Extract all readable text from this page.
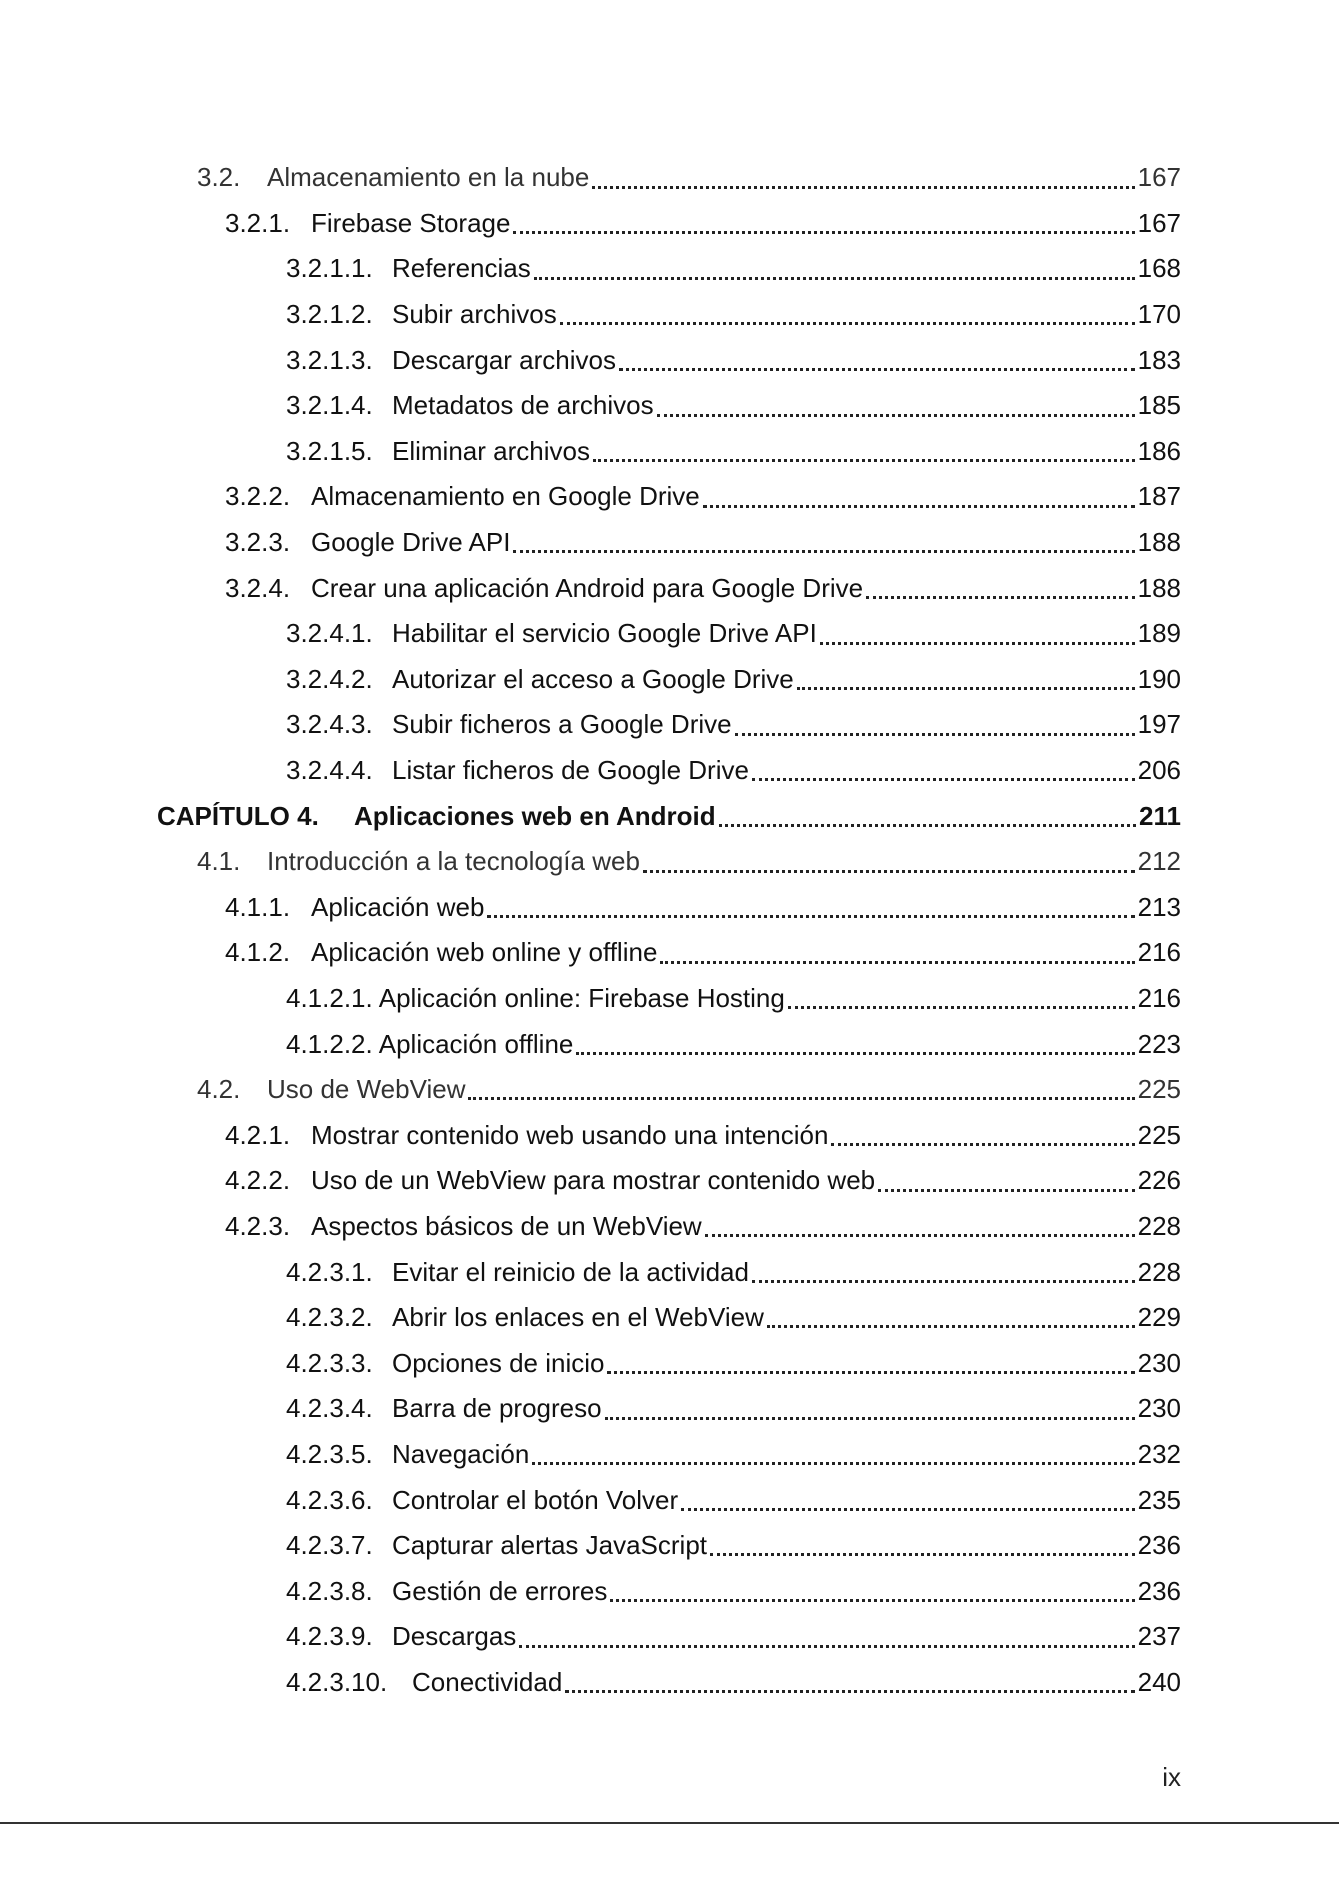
3.2.	Almacenamiento en la nube	167
3.2.1. Firebase Storage	167
3.2.1.1. Referencias	168
3.2.1.2. Subir archivos	170
3.2.1.3. Descargar archivos	183
3.2.1.4. Metadatos de archivos	185
3.2.1.5. Eliminar archivos	186
3.2.2. Almacenamiento en Google Drive	187
3.2.3. Google Drive API	188
3.2.4. Crear una aplicación Android para Google Drive	188
3.2.4.1. Habilitar el servicio Google Drive API	189
3.2.4.2. Autorizar el acceso a Google Drive	190
3.2.4.3. Subir ficheros a Google Drive	197
3.2.4.4. Listar ficheros de Google Drive	206
CAPÍTULO 4.	Aplicaciones web en Android	211
4.1.	Introducción a la tecnología web	212
4.1.1. Aplicación web	213
4.1.2. Aplicación web online y offline	216
4.1.2.1. Aplicación online: Firebase Hosting	216
4.1.2.2. Aplicación offline	223
4.2.	Uso de WebView	225
4.2.1. Mostrar contenido web usando una intención	225
4.2.2. Uso de un WebView para mostrar contenido web	226
4.2.3. Aspectos básicos de un WebView	228
4.2.3.1. Evitar el reinicio de la actividad	228
4.2.3.2. Abrir los enlaces en el WebView	229
4.2.3.3. Opciones de inicio	230
4.2.3.4. Barra de progreso	230
4.2.3.5. Navegación	232
4.2.3.6. Controlar el botón Volver	235
4.2.3.7. Capturar alertas JavaScript	236
4.2.3.8. Gestión de errores	236
4.2.3.9. Descargas	237
4.2.3.10. Conectividad	240
ix
